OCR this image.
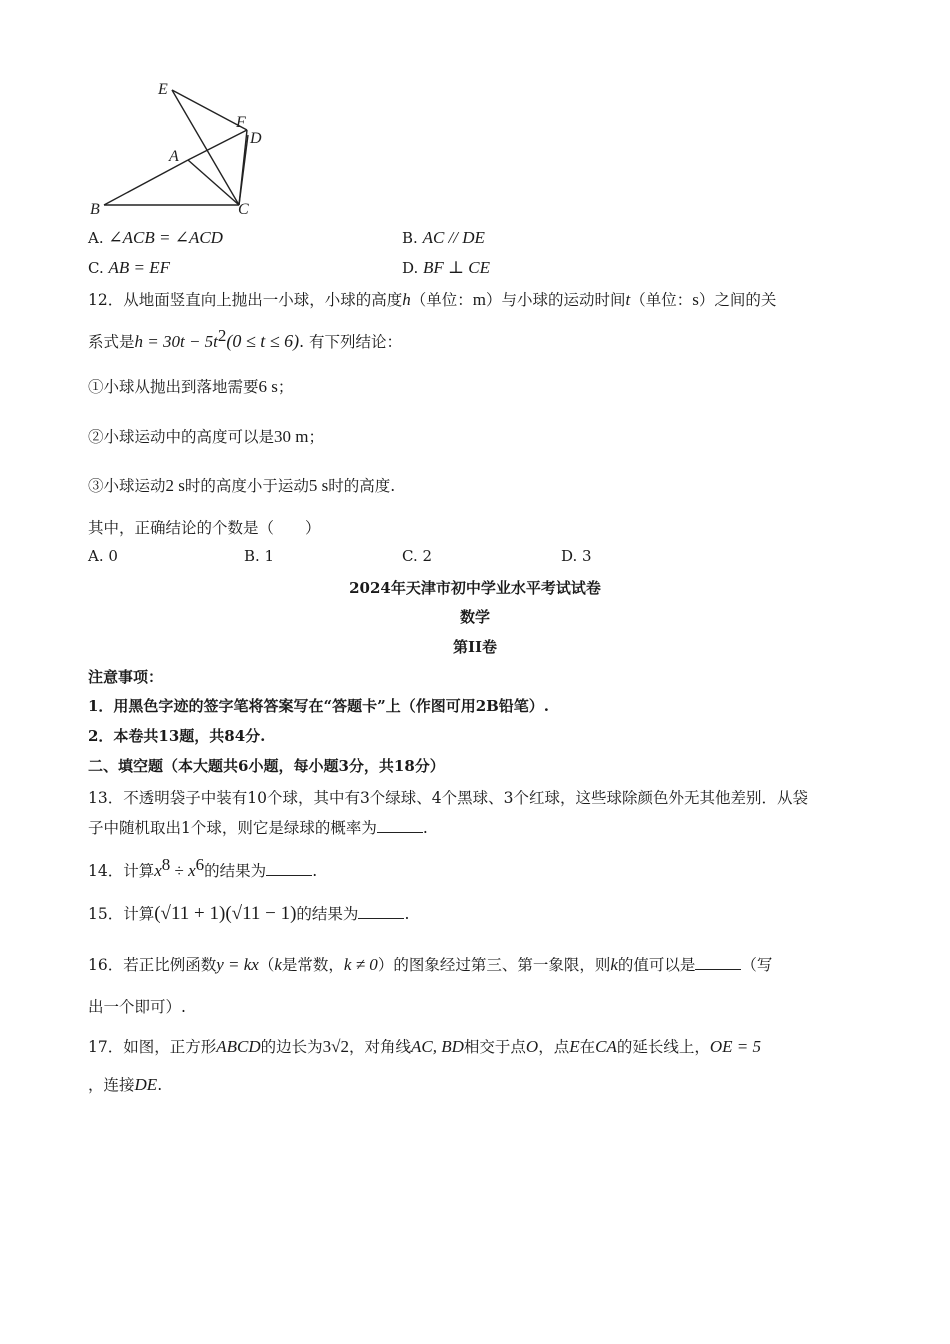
E
F
D
A
B	C
A. ∠ACB = ∠ACD	B. AC // DE
C. AB = EF	D. BF ⊥ CE
12．从地面竖直向上抛出一小球，小球的高度h（单位：m）与小球的运动时间t（单位：s）之间的关
系式是$h = 30t - 5t^2(0 \le t \le 6)$. 有下列结论：
①小球从抛出到落地需要6 s；
②小球运动中的高度可以是30 m；
③小球运动2 s时的高度小于运动5 s时的高度.
其中，正确结论的个数是（　　）
A. 0	B. 1	C. 2	D. 3
2024年天津市初中学业水平考试试卷
数学
第II卷
注意事项：
1．用黑色字迹的签字笔将答案写在“答题卡”上（作图可用2B铅笔）.
2．本卷共13题，共84分.
二、填空题（本大题共6小题，每小题3分，共18分）
13．不透明袋子中装有10个球，其中有3个绿球、4个黑球、3个红球，这些球除颜色外无其他差别．从袋
子中随机取出1个球，则它是绿球的概率为	.
14．计算$x^8 \div x^6$的结果为	.
15．计算(√11 + 1)(√11 − 1)的结果为	.
16．若正比例函数y = kx（k是常数，k ≠ 0）的图象经过第三、第一象限，则k的值可以是	（写
出一个即可）.
17．如图，正方形ABCD的边长为3√2，对角线AC, BD相交于点O，点E在CA的延长线上，OE = 5
，连接DE.
